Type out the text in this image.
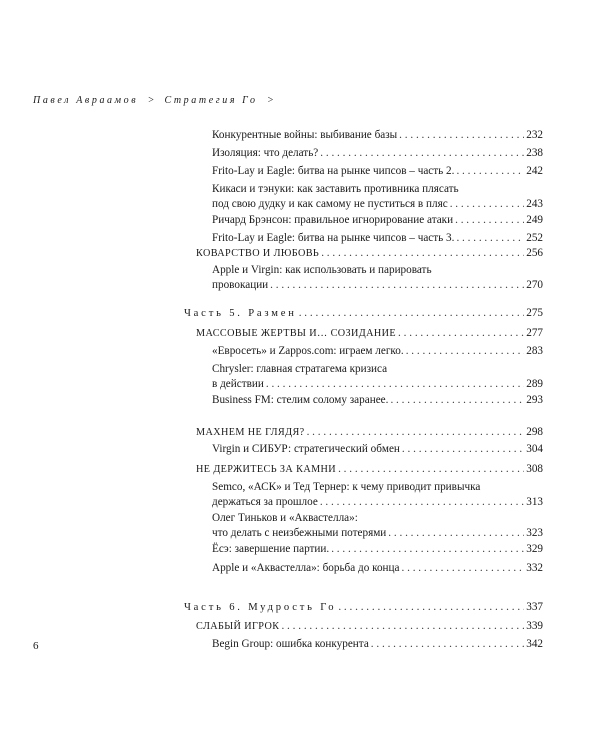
Павел Авраамов > Стратегия Го >
Конкурентные войны: выбивание базы . . .	232
Изоляция: что делать? . . .	238
Frito-Lay и Eagle: битва на рынке чипсов – часть 2. . . .	242
Кикаси и тэнуки: как заставить противника плясать
под свою дудку и как самому не пуститься в пляс . . .	243
Ричард Брэнсон: правильное игнорирование атаки . . .	249
Frito-Lay и Eagle: битва на рынке чипсов – часть 3. . . .	252
КОВАРСТВО И ЛЮБОВЬ . . .	256
Apple и Virgin: как использовать и парировать
провокации . . .	270
Часть 5. Размен . . .	275
МАССОВЫЕ ЖЕРТВЫ И… СОЗИДАНИЕ . . .	277
«Евросеть» и Zappos.com: играем легко. . . .	283
Chrysler: главная стратагема кризиса
в действии . . .	289
Business FM: стелим солому заранее. . . .	293
МАХНЕМ НЕ ГЛЯДЯ? . . .	298
Virgin и СИБУР: стратегический обмен . . .	304
НЕ ДЕРЖИТЕСЬ ЗА КАМНИ . . .	308
Semco, «АСК» и Тед Тернер: к чему приводит привычка
держаться за прошлое . . .	313
Олег Тиньков и «Аквастелла»:
что делать с неизбежными потерями . . .	323
Ёсэ: завершение партии. . . .	329
Apple и «Аквастелла»: борьба до конца . . .	332
Часть 6. Мудрость Го . . .	337
СЛАБЫЙ ИГРОК . . .	339
Begin Group: ошибка конкурента . . .	342
6
